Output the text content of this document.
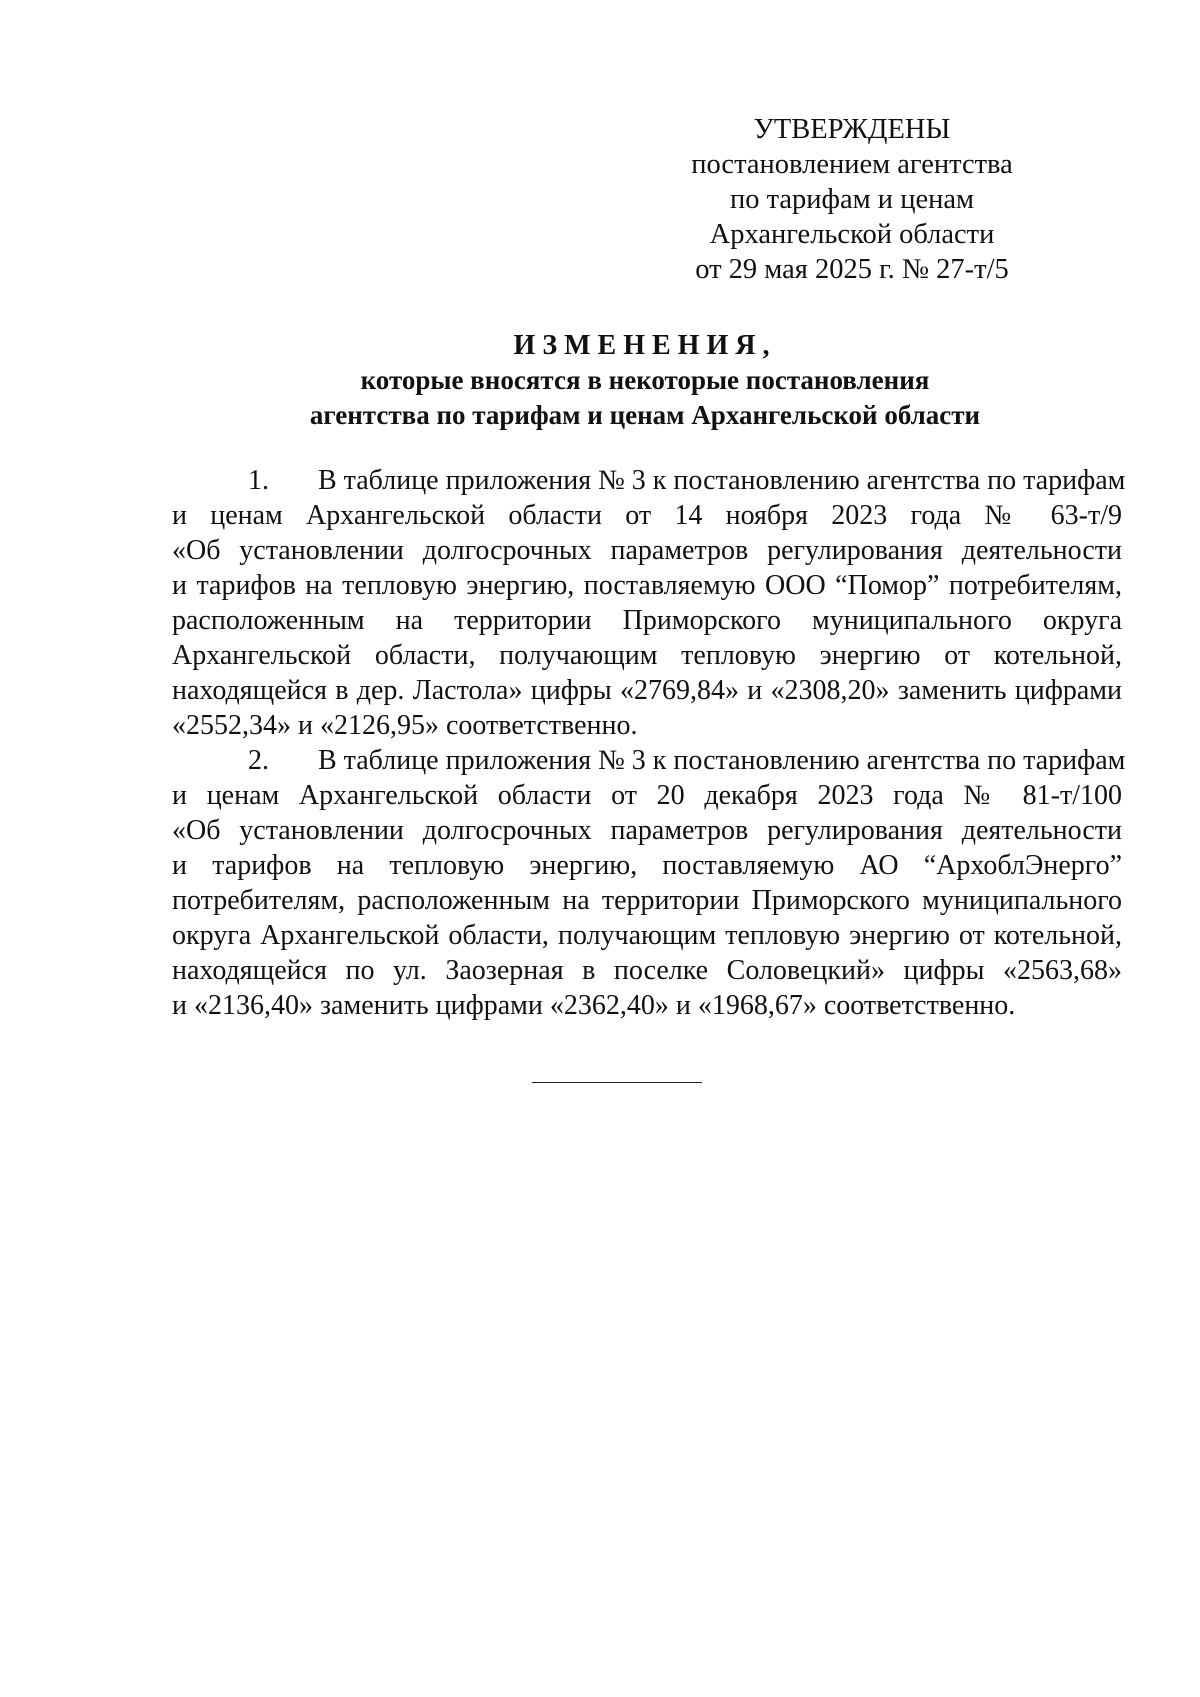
УТВЕРЖДЕНЫ
постановлением агентства
по тарифам и ценам
Архангельской области
от 29 мая 2025 г. № 27-т/5
ИЗМЕНЕНИЯ,
которые вносятся в некоторые постановления
агентства по тарифам и ценам Архангельской области
1. В таблице приложения № 3 к постановлению агентства по тарифам
и ценам Архангельской области от 14 ноября 2023 года № 63-т/9
«Об установлении долгосрочных параметров регулирования деятельности
и тарифов на тепловую энергию, поставляемую ООО “Помор” потребителям,
расположенным на территории Приморского муниципального округа
Архангельской области, получающим тепловую энергию от котельной,
находящейся в дер. Ластола» цифры «2769,84» и «2308,20» заменить цифрами
«2552,34» и «2126,95» соответственно.
2. В таблице приложения № 3 к постановлению агентства по тарифам
и ценам Архангельской области от 20 декабря 2023 года № 81-т/100
«Об установлении долгосрочных параметров регулирования деятельности
и тарифов на тепловую энергию, поставляемую АО “АрхоблЭнерго”
потребителям, расположенным на территории Приморского муниципального
округа Архангельской области, получающим тепловую энергию от котельной,
находящейся по ул. Заозерная в поселке Соловецкий» цифры «2563,68»
и «2136,40» заменить цифрами «2362,40» и «1968,67» соответственно.
